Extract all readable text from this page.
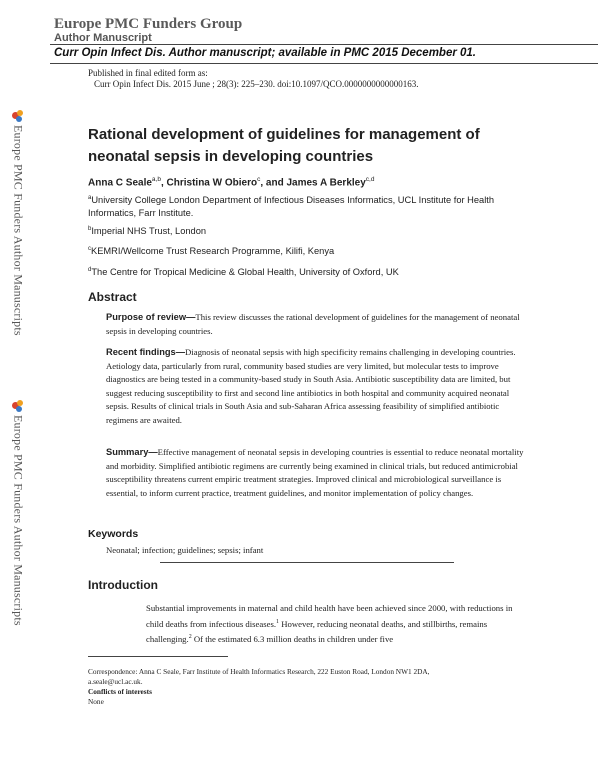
Europe PMC Funders Group
Author Manuscript
Curr Opin Infect Dis. Author manuscript; available in PMC 2015 December 01.
Published in final edited form as:
Curr Opin Infect Dis. 2015 June ; 28(3): 225–230. doi:10.1097/QCO.0000000000000163.
Europe PMC Funders Author Manuscripts
Europe PMC Funders Author Manuscripts
Rational development of guidelines for management of neonatal sepsis in developing countries
Anna C Seale$^{a,b}$, Christina W Obiero$^c$, and James A Berkley$^{c,d}$
$^a$University College London Department of Infectious Diseases Informatics, UCL Institute for Health Informatics, Farr Institute.
$^b$Imperial NHS Trust, London
$^c$KEMRI/Wellcome Trust Research Programme, Kilifi, Kenya
$^d$The Centre for Tropical Medicine & Global Health, University of Oxford, UK
Abstract
Purpose of review—This review discusses the rational development of guidelines for the management of neonatal sepsis in developing countries.
Recent findings—Diagnosis of neonatal sepsis with high specificity remains challenging in developing countries. Aetiology data, particularly from rural, community based studies are very limited, but molecular tests to improve diagnostics are being tested in a community-based study in South Asia. Antibiotic susceptibility data are limited, but suggest reducing susceptibility to first and second line antibiotics in both hospital and community acquired neonatal sepsis. Results of clinical trials in South Asia and sub-Saharan Africa assessing feasibility of simplified antibiotic regimens are awaited.
Summary—Effective management of neonatal sepsis in developing countries is essential to reduce neonatal mortality and morbidity. Simplified antibiotic regimens are currently being examined in clinical trials, but reduced antimicrobial susceptibility threatens current empiric treatment strategies. Improved clinical and microbiological surveillance is essential, to inform current practice, treatment guidelines, and monitor implementation of policy changes.
Keywords
Neonatal; infection; guidelines; sepsis; infant
Introduction
Substantial improvements in maternal and child health have been achieved since 2000, with reductions in child deaths from infectious diseases.$^1$ However, reducing neonatal deaths, and stillbirths, remains challenging.$^2$ Of the estimated 6.3 million deaths in children under five
Correspondence: Anna C Seale, Farr Institute of Health Informatics Research, 222 Euston Road, London NW1 2DA,
a.seale@ucl.ac.uk.
Conflicts of interests
None
